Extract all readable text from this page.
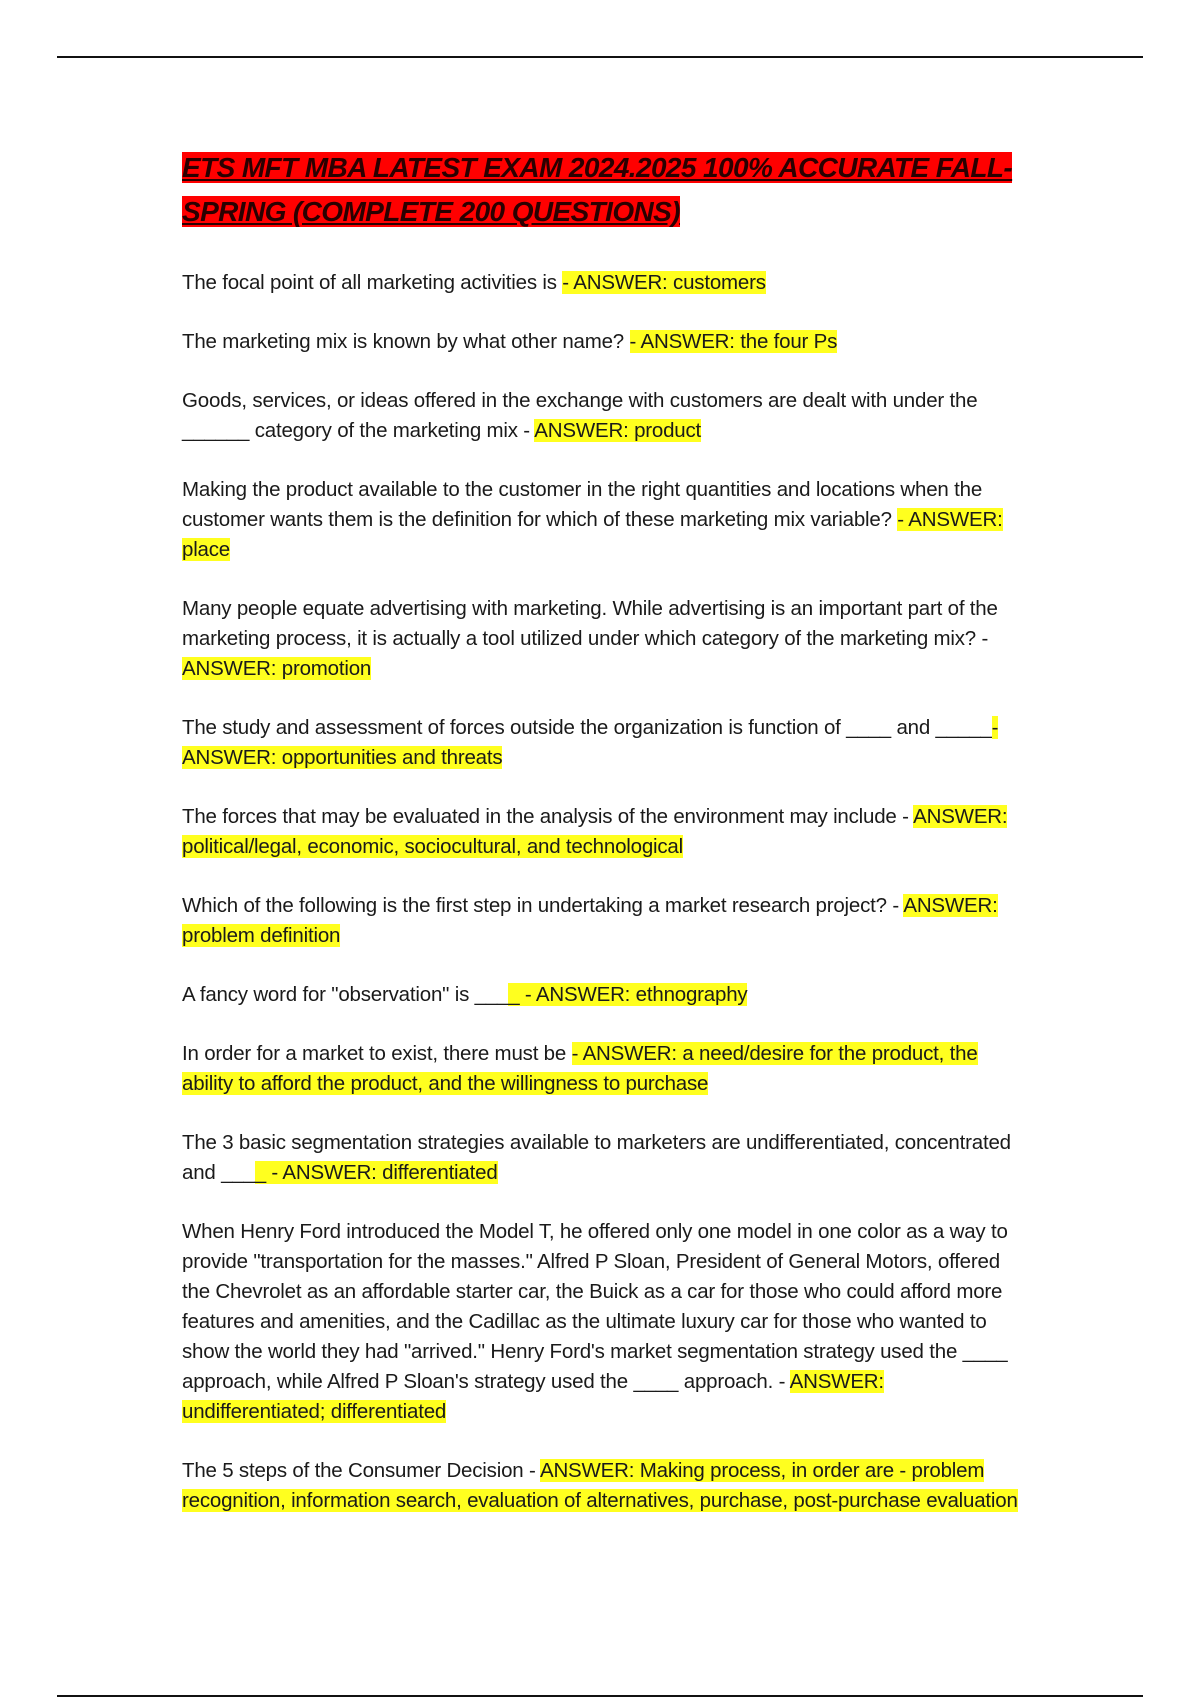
ETS MFT MBA LATEST EXAM 2024.2025 100% ACCURATE FALL-SPRING (COMPLETE 200 QUESTIONS)

The focal point of all marketing activities is - ANSWER: customers

The marketing mix is known by what other name? - ANSWER: the four Ps

Goods, services, or ideas offered in the exchange with customers are dealt with under the ______ category of the marketing mix - ANSWER: product

Making the product available to the customer in the right quantities and locations when the customer wants them is the definition for which of these marketing mix variable? - ANSWER: place

Many people equate advertising with marketing. While advertising is an important part of the marketing process, it is actually a tool utilized under which category of the marketing mix? - ANSWER: promotion

The study and assessment of forces outside the organization is function of ____ and _____- ANSWER: opportunities and threats

The forces that may be evaluated in the analysis of the environment may include - ANSWER: political/legal, economic, sociocultural, and technological

Which of the following is the first step in undertaking a market research project? - ANSWER: problem definition

A fancy word for "observation" is ____ - ANSWER: ethnography

In order for a market to exist, there must be - ANSWER: a need/desire for the product, the ability to afford the product, and the willingness to purchase

The 3 basic segmentation strategies available to marketers are undifferentiated, concentrated and ____ - ANSWER: differentiated

When Henry Ford introduced the Model T, he offered only one model in one color as a way to provide "transportation for the masses." Alfred P Sloan, President of General Motors, offered the Chevrolet as an affordable starter car, the Buick as a car for those who could afford more features and amenities, and the Cadillac as the ultimate luxury car for those who wanted to show the world they had "arrived." Henry Ford's market segmentation strategy used the ____ approach, while Alfred P Sloan's strategy used the ____ approach. - ANSWER: undifferentiated; differentiated

The 5 steps of the Consumer Decision - ANSWER: Making process, in order are - problem recognition, information search, evaluation of alternatives, purchase, post-purchase evaluation
